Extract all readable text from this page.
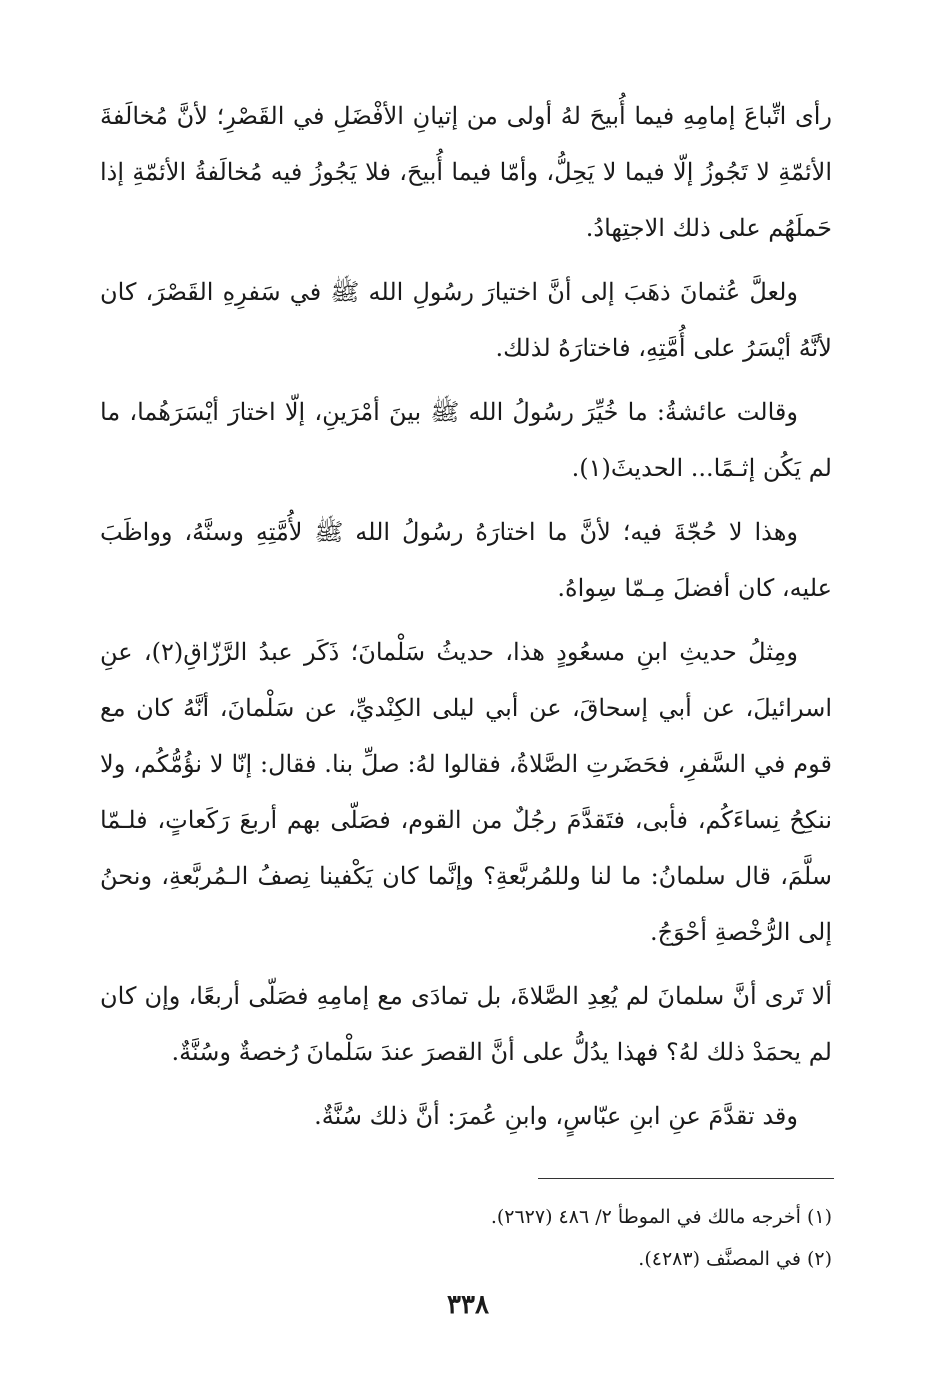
رأى اتِّباعَ إمامِهِ فيما أُبيحَ لهُ أولى من إتيانِ الأفْضَلِ في القَصْرِ؛ لأنَّ مُخالَفةَ الأئمّةِ لا تَجُوزُ إلّا فيما لا يَحِلُّ، وأمّا فيما أُبيحَ، فلا يَجُوزُ فيه مُخالَفةُ الأئمّةِ إذا حَملَهُم على ذلك الاجتِهادُ.

ولعلَّ عُثمانَ ذهَبَ إلى أنَّ اختيارَ رسُولِ الله ﷺ في سَفرِهِ القَصْرَ، كان لأنَّهُ أيْسَرُ على أُمَّتِهِ، فاختارَهُ لذلك.

وقالت عائشةُ: ما خُيِّرَ رسُولُ الله ﷺ بينَ أمْرَينِ، إلّا اختارَ أيْسَرَهُما، ما لم يَكُن إثـمًا... الحديثَ(١).

وهذا لا حُجّةَ فيه؛ لأنَّ ما اختارَهُ رسُولُ الله ﷺ لأُمَّتِهِ وسنَّهُ، وواظَبَ عليه، كان أفضلَ مِـمّا سِواهُ.

ومِثلُ حديثِ ابنِ مسعُودٍ هذا، حديثُ سَلْمانَ؛ ذَكَر عبدُ الرَّزّاقِ(٢)، عنِ اسرائيلَ، عن أبي إسحاقَ، عن أبي ليلى الكِنْديِّ، عن سَلْمانَ، أنَّهُ كان مع قوم في السَّفرِ، فحَضَرتِ الصَّلاةُ، فقالوا لهُ: صلِّ بنا. فقال: إنّا لا نؤُمُّكُم، ولا ننكِحُ نِساءَكُم، فأبى، فتَقدَّمَ رجُلٌ من القوم، فصَلّى بهم أربعَ رَكَعاتٍ، فلـمّا سلَّمَ، قال سلمانُ: ما لنا وللمُربَّعةِ؟ وإنَّما كان يَكْفينا نِصفُ الـمُربَّعةِ، ونحنُ إلى الرُّخْصةِ أحْوَجُ.

ألا تَرى أنَّ سلمانَ لم يُعِدِ الصَّلاةَ، بل تمادَى مع إمامِهِ فصَلّى أربعًا، وإن كان لم يحمَدْ ذلك لهُ؟ فهذا يدُلُّ على أنَّ القصرَ عندَ سَلْمانَ رُخصةٌ وسُنَّةٌ.

وقد تقدَّمَ عنِ ابنِ عبّاسٍ، وابنِ عُمرَ: أنَّ ذلك سُنَّةٌ.

(١) أخرجه مالك في الموطأ ٢/ ٤٨٦ (٢٦٢٧).

(٢) في المصنَّف (٤٢٨٣).

٣٣٨
